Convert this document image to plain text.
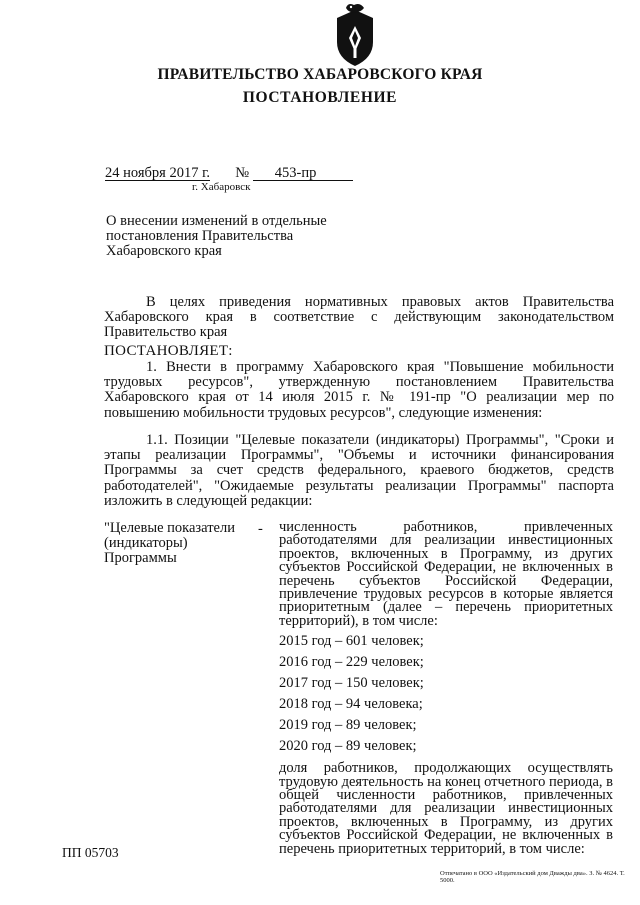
ПРАВИТЕЛЬСТВО ХАБАРОВСКОГО КРАЯ
ПОСТАНОВЛЕНИЕ
24 ноября 2017 г. № 453-пр
г. Хабаровск
О внесении изменений в отдельные постановления Правительства Хабаровского края
В целях приведения нормативных правовых актов Правительства Хабаровского края в соответствие с действующим законодательством Правительство края
ПОСТАНОВЛЯЕТ:
1. Внести в программу Хабаровского края "Повышение мобильности трудовых ресурсов", утвержденную постановлением Правительства Хабаровского края от 14 июля 2015 г. № 191-пр "О реализации мер по повышению мобильности трудовых ресурсов", следующие изменения:
1.1. Позиции "Целевые показатели (индикаторы) Программы", "Сроки и этапы реализации Программы", "Объемы и источники финансирования Программы за счет средств федерального, краевого бюджетов, средств работодателей", "Ожидаемые результаты реализации Программы" паспорта изложить в следующей редакции:
"Целевые показатели (индикаторы) Программы
- численность работников, привлеченных работодателями для реализации инвестиционных проектов, включенных в Программу, из других субъектов Российской Федерации, не включенных в перечень субъектов Российской Федерации, привлечение трудовых ресурсов в которые является приоритетным (далее – перечень приоритетных территорий), в том числе:

2015 год – 601 человек;

2016 год – 229 человек;

2017 год – 150 человек;

2018 год – 94 человека;

2019 год – 89 человек;

2020 год – 89 человек;

доля работников, продолжающих осуществлять трудовую деятельность на конец отчетного периода, в общей численности работников, привлеченных работодателями для реализации инвестиционных проектов, включенных в Программу, из других субъектов Российской Федерации, не включенных в перечень приоритетных территорий, в том числе:

ПП 05703
Отпечатано в ООО «Издательский дом Дважды два». З. № 4624. Т. 5000.
